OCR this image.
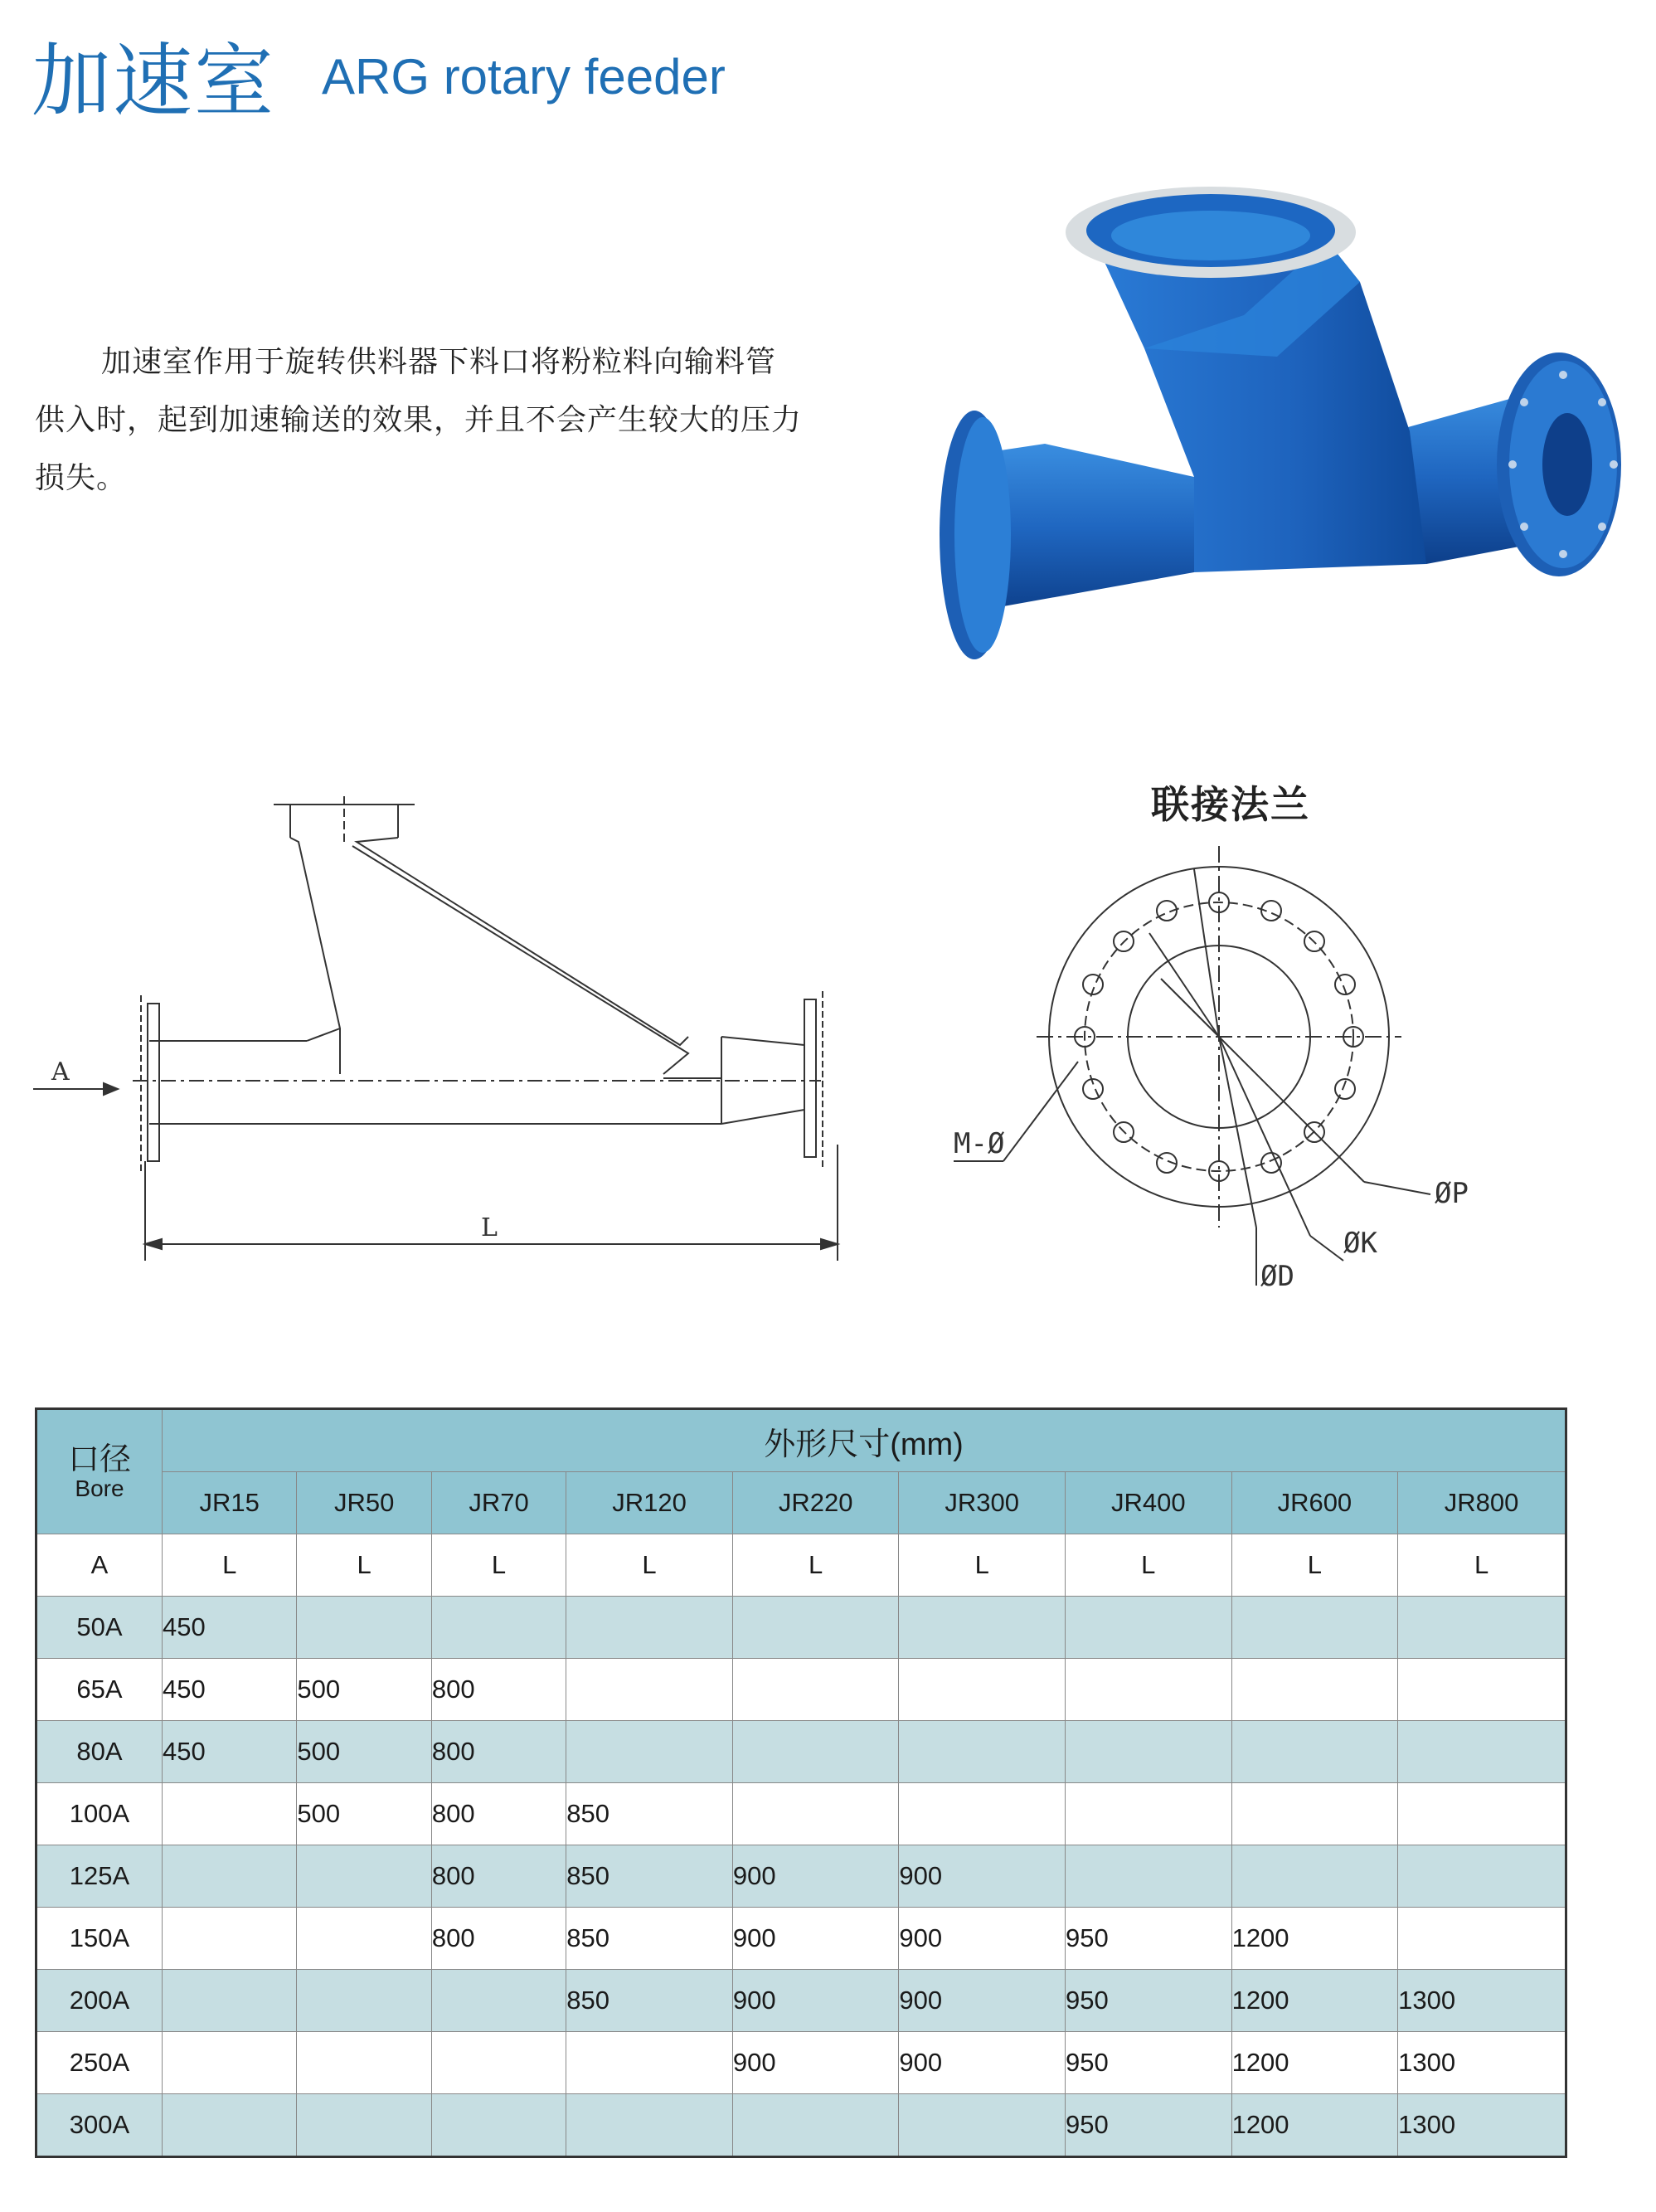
加速室 ARG rotary feeder
加速室作用于旋转供料器下料口将粉粒料向输料管供入时，起到加速输送的效果，并且不会产生较大的压力损失。
A
L
联接法兰
M-Ø
ØP
ØK
ØD
口径
Bore	外形尺寸(mm)								
	JR15	JR50	JR70	JR120	JR220	JR300	JR400	JR600	JR800
A	L	L	L	L	L	L	L	L	L
50A	450								
65A	450	500	800						
80A	450	500	800						
100A		500	800	850					
125A			800	850	900	900			
150A			800	850	900	900	950	1200	
200A				850	900	900	950	1200	1300
250A					900	900	950	1200	1300
300A							950	1200	1300
